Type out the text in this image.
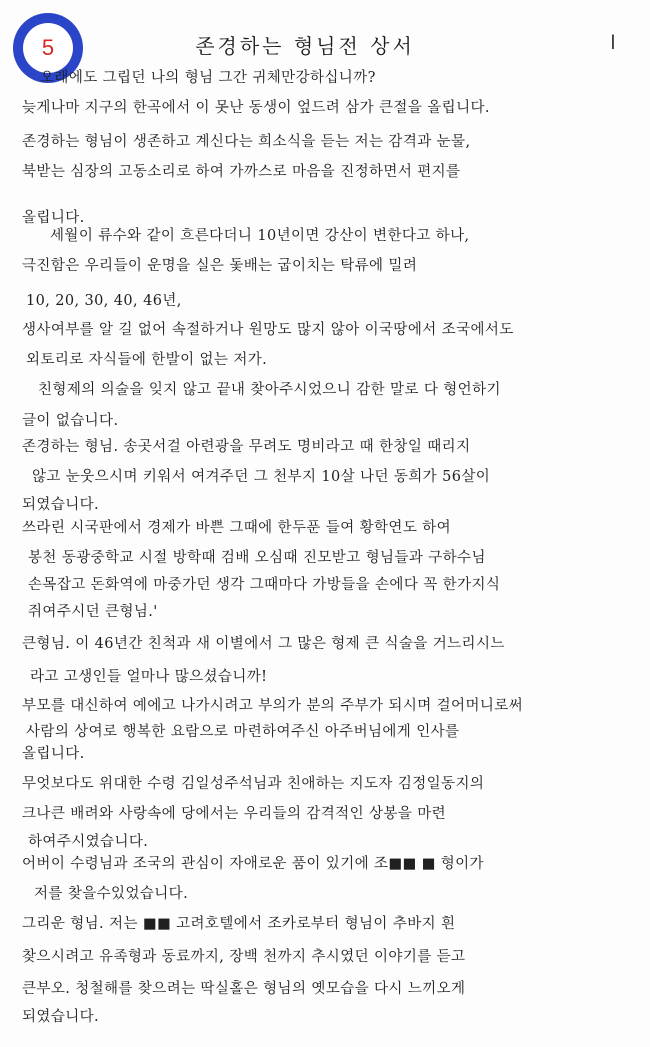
5	존경하는 형님전 상서	ǀ
오래에도 그립던 나의 형님 그간 귀체만강하십니까?
늦게나마 지구의 한곡에서 이 못난 동생이 엎드려 삼가 큰절을 올립니다.
존경하는 형님이 생존하고 계신다는 희소식을 듣는 저는 감격과 눈물,
북받는 심장의 고동소리로 하여 가까스로 마음을 진정하면서 편지를
올립니다.
세월이 류수와 같이 흐른다더니 10년이면 강산이 변한다고 하나,
극진함은 우리들이 운명을 실은 돛배는 굽이치는 탁류에 밀려
10, 20, 30, 40, 46년,
생사여부를 알 길 없어 속절하거나 원망도 많지 않아 이국땅에서 조국에서도
외토리로 자식들에 한발이 없는 저가.
친형제의 의술을 잊지 않고 끝내 찾아주시었으니 감한 말로 다 형언하기
글이 없습니다.
존경하는 형님. 송곳서걸 아련광을 무려도 명비라고 때 한창일 때리지
않고 눈웃으시며 키워서 여겨주던 그 천부지 10살 나던 동희가 56살이
되였습니다.
쓰라린 시국판에서 경제가 바쁜 그때에 한두푼 들여 황학연도 하여
봉천 동광중학교 시절 방학때 검배 오심때 진모받고 형님들과 구하수님
손목잡고 돈화역에 마중가던 생각 그때마다 가방들을 손에다 꼭 한가지식
쥐여주시던 큰형님.'
큰형님. 이 46년간 친척과 새 이별에서 그 많은 형제 큰 식술을 거느리시느
라고 고생인들 얼마나 많으셨습니까!
부모를 대신하여 예에고 나가시려고 부의가 분의 주부가 되시며 걸어머니로써
사람의 상여로 행복한 요람으로 마련하여주신 아주버님에게 인사를
올립니다.
무엇보다도 위대한 수령 김일성주석님과 친애하는 지도자 김정일동지의
크나큰 배려와 사랑속에 당에서는 우리들의 감격적인 상봉을 마련
하여주시였습니다.
어버이 수령님과 조국의 관심이 자애로운 품이 있기에 조■■ ■ 형이가
저를 찾을수있었습니다.
그리운 형님. 저는 ■■ 고려호텔에서 조카로부터 형님이 추바지 흰
찾으시려고 유족형과 동료까지, 장백 천까지 추시였던 이야기를 듣고
큰부오. 청철해를 찾으려는 딱실홀은 형님의 옛모습을 다시 느끼오게
되였습니다.
